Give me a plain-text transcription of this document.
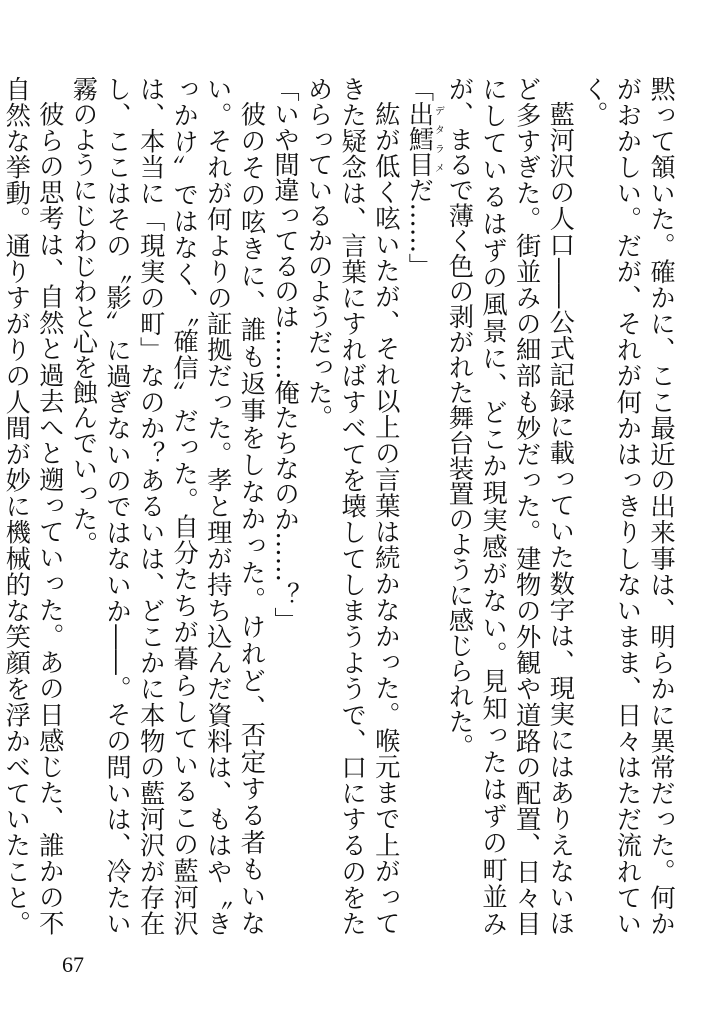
黙って頷いた。確かに、ここ最近の出来事は、明らかに異常だった。何かがおかしい。だが、それが何かはっきりしないまま、日々はただ流れていく。

藍河沢の人口――公式記録に載っていた数字は、現実にはありえないほど多すぎた。街並みの細部も妙だった。建物の外観や道路の配置、日々目にしているはずの風景に、どこか現実感がない。見知ったはずの町並みが、まるで薄く色の剥がれた舞台装置のように感じられた。

「出鱈目デタラメだ……」

紘が低く呟いたが、それ以上の言葉は続かなかった。喉元まで上がってきた疑念は、言葉にすればすべてを壊してしまうようで、口にするのをためらっているかのようだった。

「いや間違ってるのは……俺たちなのか……？」

彼のその呟きに、誰も返事をしなかった。けれど、否定する者もいない。それが何よりの証拠だった。孝と理が持ち込んだ資料は、もはや〝きっかけ〟ではなく、〝確信〟だった。自分たちが暮らしているこの藍河沢は、本当に「現実の町」なのか？あるいは、どこかに本物の藍河沢が存在し、ここはその〝影〟に過ぎないのではないか――。その問いは、冷たい霧のようにじわじわと心を蝕んでいった。

彼らの思考は、自然と過去へと遡っていった。あの日感じた、誰かの不自然な挙動。通りすがりの人間が妙に機械的な笑顔を浮かべていたこと。

67
